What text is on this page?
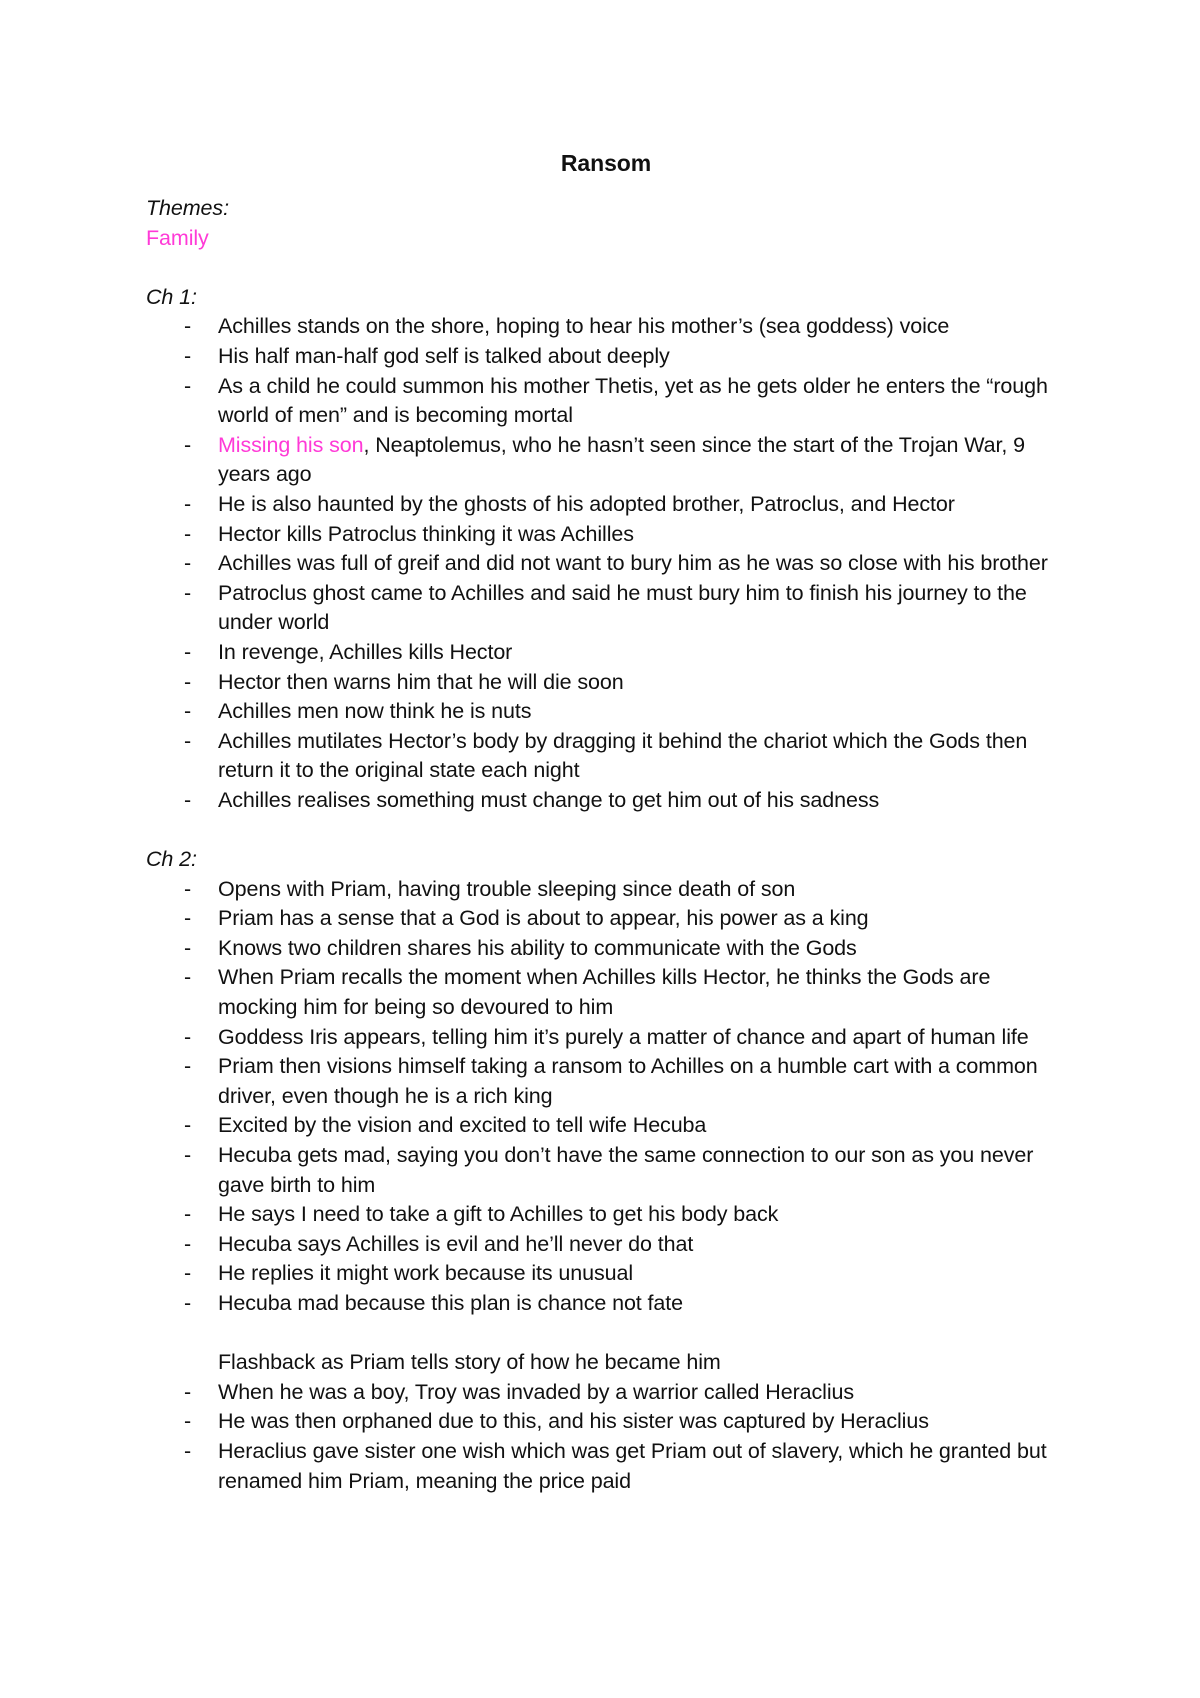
Ransom
Themes:
Family
Ch 1:
- Achilles stands on the shore, hoping to hear his mother’s (sea goddess) voice
- His half man-half god self is talked about deeply
- As a child he could summon his mother Thetis, yet as he gets older he enters the “rough world of men” and is becoming mortal
- Missing his son, Neaptolemus, who he hasn’t seen since the start of the Trojan War, 9 years ago
- He is also haunted by the ghosts of his adopted brother, Patroclus, and Hector
- Hector kills Patroclus thinking it was Achilles
- Achilles was full of greif and did not want to bury him as he was so close with his brother
- Patroclus ghost came to Achilles and said he must bury him to finish his journey to the under world
- In revenge, Achilles kills Hector
- Hector then warns him that he will die soon
- Achilles men now think he is nuts
- Achilles mutilates Hector’s body by dragging it behind the chariot which the Gods then return it to the original state each night
- Achilles realises something must change to get him out of his sadness
Ch 2:
- Opens with Priam, having trouble sleeping since death of son
- Priam has a sense that a God is about to appear, his power as a king
- Knows two children shares his ability to communicate with the Gods
- When Priam recalls the moment when Achilles kills Hector, he thinks the Gods are mocking him for being so devoured to him
- Goddess Iris appears, telling him it’s purely a matter of chance and apart of human life
- Priam then visions himself taking a ransom to Achilles on a humble cart with a common driver, even though he is a rich king
- Excited by the vision and excited to tell wife Hecuba
- Hecuba gets mad, saying you don’t have the same connection to our son as you never gave birth to him
- He says I need to take a gift to Achilles to get his body back
- Hecuba says Achilles is evil and he’ll never do that
- He replies it might work because its unusual
- Hecuba mad because this plan is chance not fate
Flashback as Priam tells story of how he became him
- When he was a boy, Troy was invaded by a warrior called Heraclius
- He was then orphaned due to this, and his sister was captured by Heraclius
- Heraclius gave sister one wish which was get Priam out of slavery, which he granted but renamed him Priam, meaning the price paid
